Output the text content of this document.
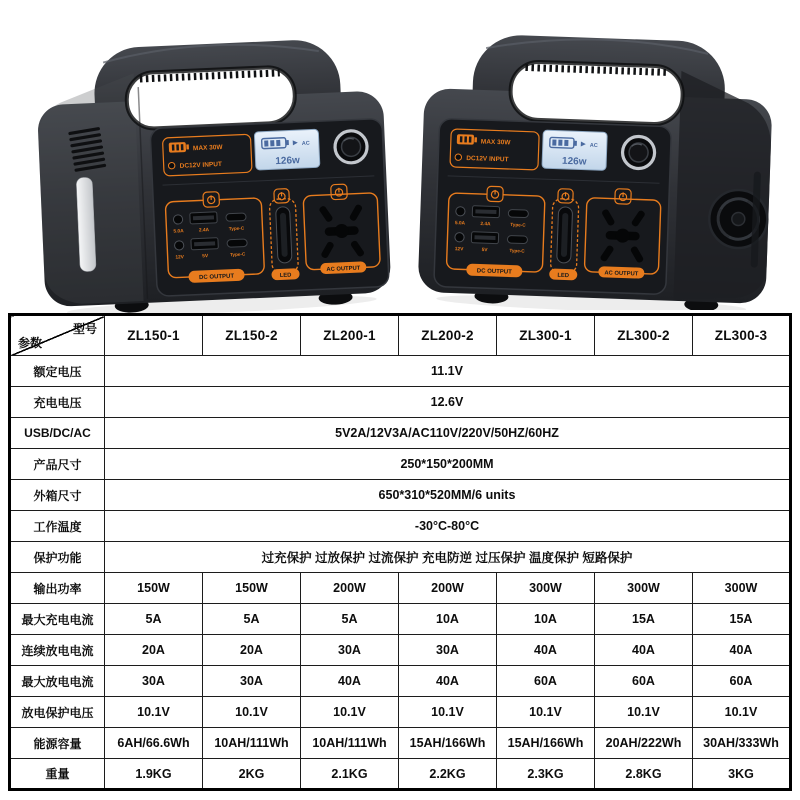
型号
参数	ZL150-1	ZL150-2	ZL200-1	ZL200-2	ZL300-1	ZL300-2	ZL300-3
额定电压	11.1V						
充电电压	12.6V						
USB/DC/AC	5V2A/12V3A/AC110V/220V/50HZ/60HZ						
产品尺寸	250*150*200MM						
外箱尺寸	650*310*520MM/6 units						
工作温度	-30°C-80°C						
保护功能	过充保护 过放保护 过流保护 充电防逆 过压保护 温度保护 短路保护						
输出功率	150W	150W	200W	200W	300W	300W	300W
最大充电电流	5A	5A	5A	10A	10A	15A	15A
连续放电电流	20A	20A	30A	30A	40A	40A	40A
最大放电电流	30A	30A	40A	40A	60A	60A	60A
放电保护电压	10.1V	10.1V	10.1V	10.1V	10.1V	10.1V	10.1V
能源容量	6AH/66.6Wh	10AH/111Wh	10AH/111Wh	15AH/166Wh	15AH/166Wh	20AH/222Wh	30AH/333Wh
重量	1.9KG	2KG	2.1KG	2.2KG	2.3KG	2.8KG	3KG
